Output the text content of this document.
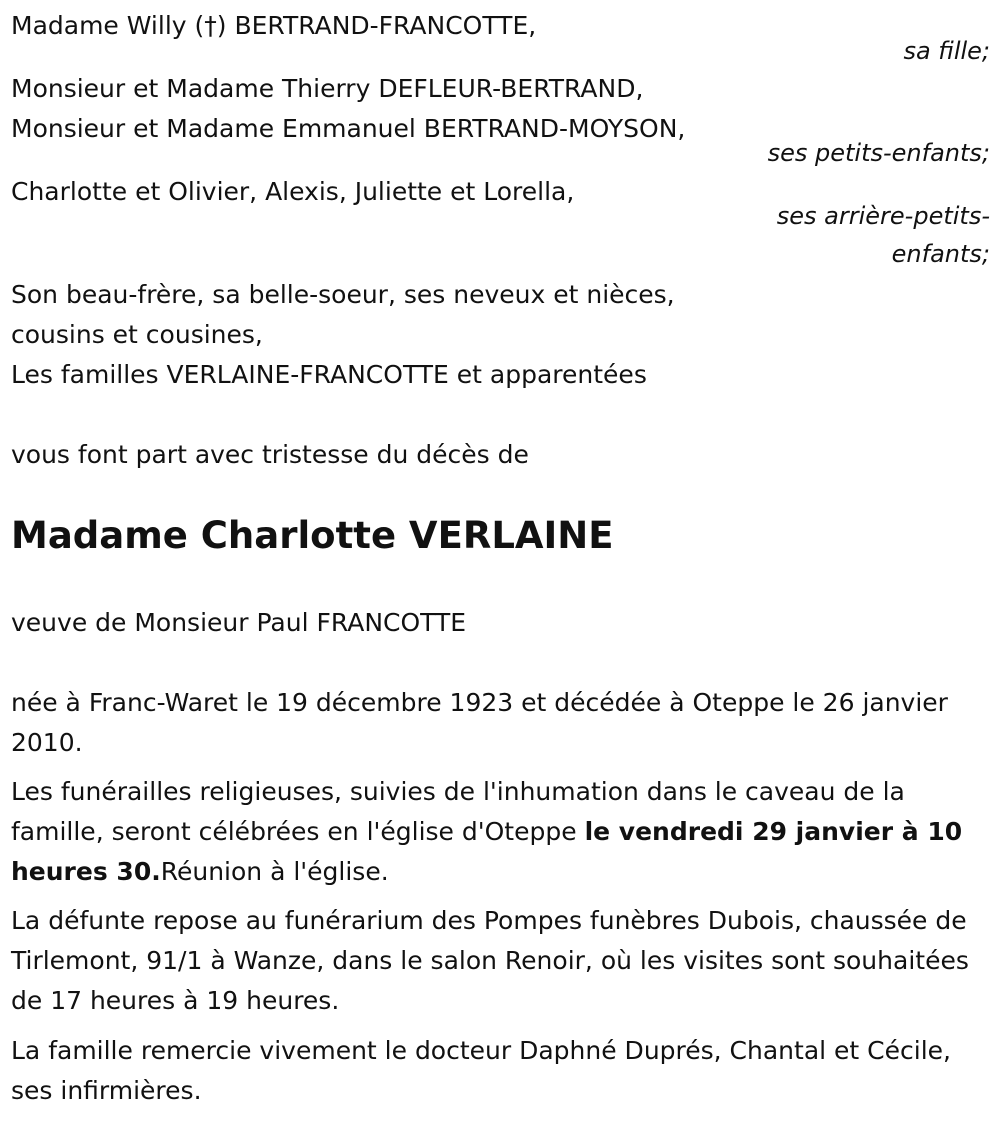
Madame Willy (†) BERTRAND-FRANCOTTE,
sa fille;
Monsieur et Madame Thierry DEFLEUR-BERTRAND,
Monsieur et Madame Emmanuel BERTRAND-MOYSON,
ses petits-enfants;
Charlotte et Olivier, Alexis, Juliette et Lorella,
ses arrière-petits-
enfants;
Son beau-frère, sa belle-soeur, ses neveux et nièces,
cousins et cousines,
Les familles VERLAINE-FRANCOTTE et apparentées
vous font part avec tristesse du décès de
Madame Charlotte VERLAINE
veuve de Monsieur Paul FRANCOTTE
née à Franc-Waret le 19 décembre 1923 et décédée à Oteppe le 26 janvier 2010.
Les funérailles religieuses, suivies de l'inhumation dans le caveau de la famille, seront célébrées en l'église d'Oteppe le vendredi 29 janvier à 10 heures 30.Réunion à l'église.
La défunte repose au funérarium des Pompes funèbres Dubois, chaussée de Tirlemont, 91/1 à Wanze, dans le salon Renoir, où les visites sont souhaitées de 17 heures à 19 heures.
La famille remercie vivement le docteur Daphné Duprés, Chantal et Cécile, ses infirmières.
